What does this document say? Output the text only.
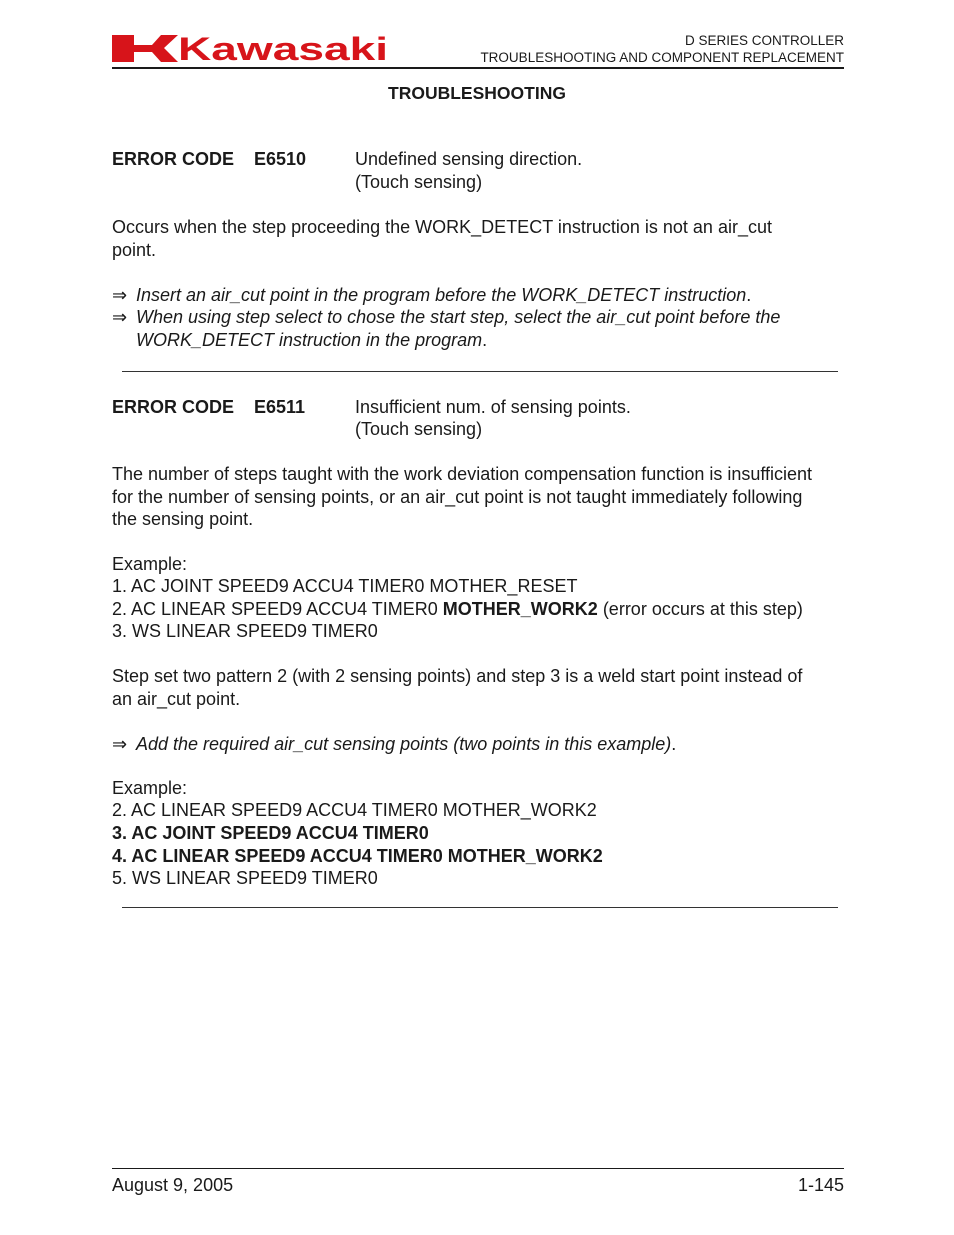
Kawasaki	D SERIES CONTROLLER
TROUBLESHOOTING AND COMPONENT REPLACEMENT
TROUBLESHOOTING
ERROR CODE E6510	Undefined sensing direction.
(Touch sensing)
Occurs when the step proceeding the WORK_DETECT instruction is not an air_cut
point.
⇒ Insert an air_cut point in the program before the WORK_DETECT instruction.
⇒ When using step select to chose the start step, select the air_cut point before the
WORK_DETECT instruction in the program.
ERROR CODE E6511	Insufficient num. of sensing points.
(Touch sensing)
The number of steps taught with the work deviation compensation function is insufficient
for the number of sensing points, or an air_cut point is not taught immediately following
the sensing point.
Example:
1. AC JOINT SPEED9 ACCU4 TIMER0 MOTHER_RESET
2. AC LINEAR SPEED9 ACCU4 TIMER0 MOTHER_WORK2 (error occurs at this step)
3. WS LINEAR SPEED9 TIMER0
Step set two pattern 2 (with 2 sensing points) and step 3 is a weld start point instead of
an air_cut point.
⇒ Add the required air_cut sensing points (two points in this example).
Example:
2. AC LINEAR SPEED9 ACCU4 TIMER0 MOTHER_WORK2
3. AC JOINT SPEED9 ACCU4 TIMER0
4. AC LINEAR SPEED9 ACCU4 TIMER0 MOTHER_WORK2
5. WS LINEAR SPEED9 TIMER0
August 9, 2005	1-145
